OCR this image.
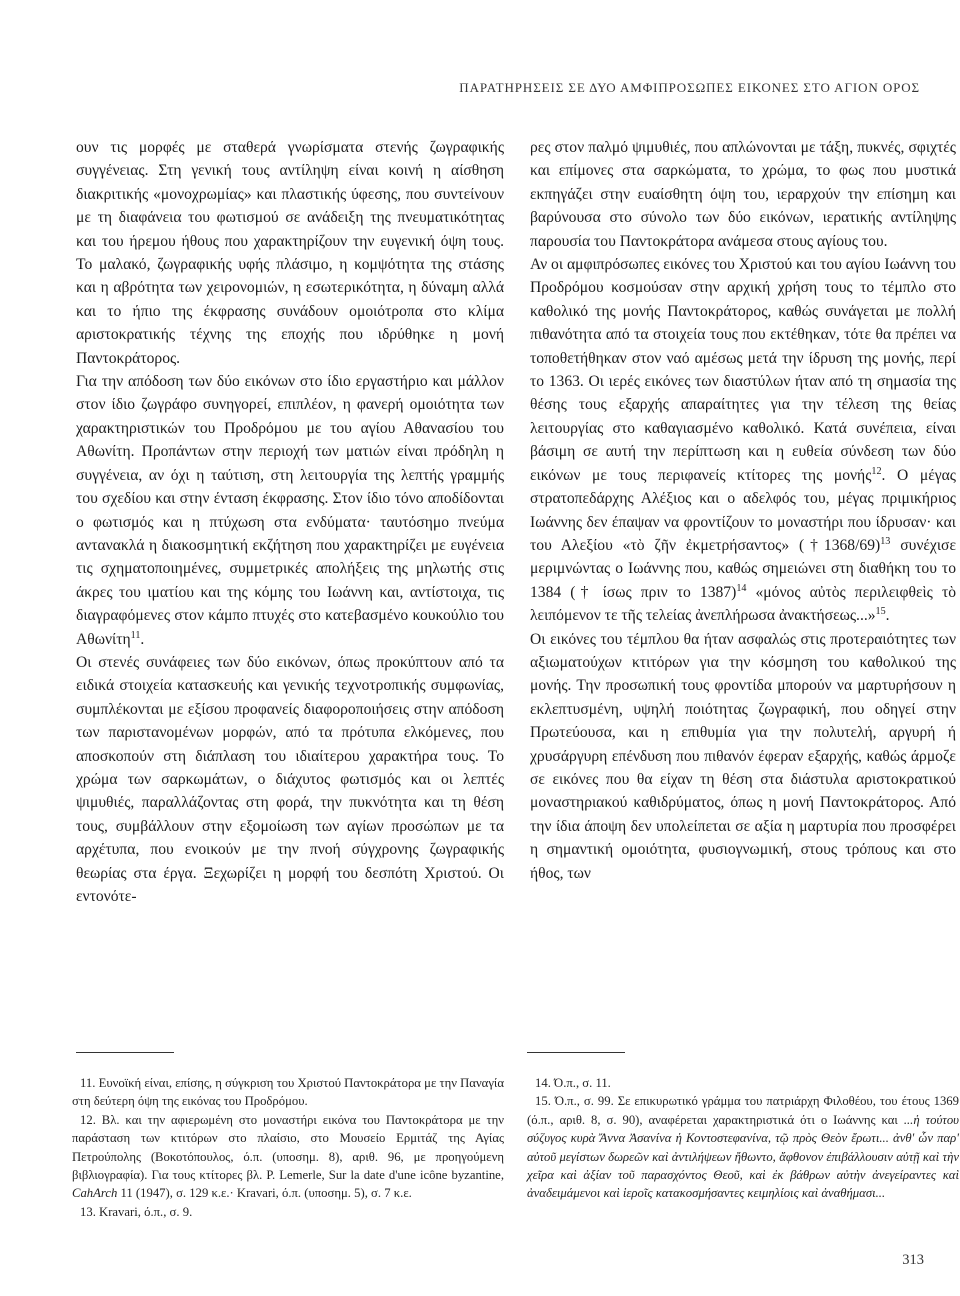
ΠΑΡΑΤΗΡΗΣΕΙΣ ΣΕ ΔΥΟ ΑΜΦΙΠΡΟΣΩΠΕΣ ΕΙΚΟΝΕΣ ΣΤΟ ΑΓΙΟΝ ΟΡΟΣ

ουν τις μορφές με σταθερά γνωρίσματα στενής ζωγραφικής συγγένειας. Στη γενική τους αντίληψη είναι κοινή η αίσθηση διακριτικής «μονοχρωμίας» και πλαστικής ύφεσης, που συντείνουν με τη διαφάνεια του φωτισμού σε ανάδειξη της πνευματικότητας και του ήρεμου ήθους που χαρακτηρίζουν την ευγενική όψη τους. Το μαλακό, ζωγραφικής υφής πλάσιμο, η κομψότητα της στάσης και η αβρότητα των χειρονομιών, η εσωτερικότητα, η δύναμη αλλά και το ήπιο της έκφρασης συνάδουν ομοιότροπα στο κλίμα αριστοκρατικής τέχνης της εποχής που ιδρύθηκε η μονή Παντοκράτορος.

Για την απόδοση των δύο εικόνων στο ίδιο εργαστήριο και μάλλον στον ίδιο ζωγράφο συνηγορεί, επιπλέον, η φανερή ομοιότητα των χαρακτηριστικών του Προδρόμου με του αγίου Αθανασίου του Αθωνίτη. Προπάντων στην περιοχή των ματιών είναι πρόδηλη η συγγένεια, αν όχι η ταύτιση, στη λειτουργία της λεπτής γραμμής του σχεδίου και στην ένταση έκφρασης. Στον ίδιο τόνο αποδίδονται ο φωτισμός και η πτύχωση στα ενδύματα· ταυτόσημο πνεύμα αντανακλά η διακοσμητική εκζήτηση που χαρακτηρίζει με ευγένεια τις σχηματοποιημένες, συμμετρικές απολήξεις της μηλωτής στις άκρες του ιματίου και της κόμης του Ιωάννη και, αντίστοιχα, τις διαγραφόμενες στον κάμπο πτυχές στο κατεβασμένο κουκούλιο του Αθωνίτη$^{11}$.

Οι στενές συνάφειες των δύο εικόνων, όπως προκύπτουν από τα ειδικά στοιχεία κατασκευής και γενικής τεχνοτροπικής συμφωνίας, συμπλέκονται με εξίσου προφανείς διαφοροποιήσεις στην απόδοση των παριστανομένων μορφών, από τα πρότυπα ελκόμενες, που αποσκοπούν στη διάπλαση του ιδιαίτερου χαρακτήρα τους. Το χρώμα των σαρκωμάτων, ο διάχυτος φωτισμός και οι λεπτές ψιμυθιές, παραλλάζοντας στη φορά, την πυκνότητα και τη θέση τους, συμβάλλουν στην εξομοίωση των αγίων προσώπων με τα αρχέτυπα, που ενοικούν με την πνοή σύγχρονης ζωγραφικής θεωρίας στα έργα. Ξεχωρίζει η μορφή του δεσπότη Χριστού. Οι εντονότε-

ρες στον παλμό ψιμυθιές, που απλώνονται με τάξη, πυκνές, σφιχτές και επίμονες στα σαρκώματα, το χρώμα, το φως που μυστικά εκπηγάζει στην ευαίσθητη όψη του, ιεραρχούν την επίσημη και βαρύνουσα στο σύνολο των δύο εικόνων, ιερατικής αντίληψης παρουσία του Παντοκράτορα ανάμεσα στους αγίους του.

Αν οι αμφιπρόσωπες εικόνες του Χριστού και του αγίου Ιωάννη του Προδρόμου κοσμούσαν στην αρχική χρήση τους το τέμπλο στο καθολικό της μονής Παντοκράτορος, καθώς συνάγεται με πολλή πιθανότητα από τα στοιχεία τους που εκτέθηκαν, τότε θα πρέπει να τοποθετήθηκαν στον ναό αμέσως μετά την ίδρυση της μονής, περί το 1363. Οι ιερές εικόνες των διαστύλων ήταν από τη σημασία της θέσης τους εξαρχής απαραίτητες για την τέλεση της θείας λειτουργίας στο καθαγιασμένο καθολικό. Κατά συνέπεια, είναι βάσιμη σε αυτή την περίπτωση και η ευθεία σύνδεση των δύο εικόνων με τους περιφανείς κτίτορες της μονής$^{12}$. Ο μέγας στρατοπεδάρχης Αλέξιος και ο αδελφός του, μέγας πριμικήριος Ιωάννης δεν έπαψαν να φροντίζουν το μοναστήρι που ίδρυσαν· και του Αλεξίου «τὸ ζῆν ἐκμετρήσαντος» (†1368/69)$^{13}$ συνέχισε μεριμνώντας ο Ιωάννης που, καθώς σημειώνει στη διαθήκη του το 1384 († ίσως πριν το 1387)$^{14}$ «μόνος αὐτὸς περιλειφθεὶς τὸ λειπόμενον τε τῆς τελείας ἀνεπλήρωσα ἀνακτήσεως...»$^{15}$.

Οι εικόνες του τέμπλου θα ήταν ασφαλώς στις προτεραιότητες των αξιωματούχων κτιτόρων για την κόσμηση του καθολικού της μονής. Την προσωπική τους φροντίδα μπορούν να μαρτυρήσουν η εκλεπτυσμένη, υψηλή ποιότητας ζωγραφική, που οδηγεί στην Πρωτεύουσα, και η επιθυμία για την πολυτελή, αργυρή ή χρυσάργυρη επένδυση που πιθανόν έφεραν εξαρχής, καθώς άρμοζε σε εικόνες που θα είχαν τη θέση στα διάστυλα αριστοκρατικού μοναστηριακού καθιδρύματος, όπως η μονή Παντοκράτορος. Από την ίδια άποψη δεν υπολείπεται σε αξία η μαρτυρία που προσφέρει η σημαντική ομοιότητα, φυσιογνωμική, στους τρόπους και στο ήθος, των

11. Ευνοϊκή είναι, επίσης, η σύγκριση του Χριστού Παντοκράτορα με την Παναγία στη δεύτερη όψη της εικόνας του Προδρόμου.

12. Βλ. και την αφιερωμένη στο μοναστήρι εικόνα του Παντοκράτορα με την παράσταση των κτιτόρων στο πλαίσιο, στο Μουσείο Ερμιτάζ της Αγίας Πετρούπολης (Βοκοτόπουλος, ό.π. (υποσημ. 8), αριθ. 96, με προηγούμενη βιβλιογραφία). Για τους κτίτορες βλ. P. Lemerle, Sur la date d'une icône byzantine, CahArch 11 (1947), σ. 129 κ.ε.· Kravari, ό.π. (υποσημ. 5), σ. 7 κ.ε.

13. Kravari, ό.π., σ. 9.

14. Ό.π., σ. 11.

15. Ό.π., σ. 99. Σε επικυρωτικό γράμμα του πατριάρχη Φιλοθέου, του έτους 1369 (ό.π., αριθ. 8, σ. 90), αναφέρεται χαρακτηριστικά ότι ο Ιωάννης και ...ἡ τούτου σύζυγος κυρὰ Ἄννα Ἀσανίνα ἡ Κοντοστεφανίνα, τῷ πρὸς Θεὸν ἔρωτι... ἀνθ' ὧν παρ' αὐτοῦ μεγίστων δωρεῶν καὶ ἀντιλήψεων ἤθωντο, ἄφθονον ἐπιβάλλουσιν αὐτῇ καὶ τὴν χεῖρα καὶ ἀξίαν τοῦ παρασχόντος Θεοῦ, καὶ ἐκ βάθρων αὐτὴν ἀνεγείραντες καὶ ἀναδειμάμενοι καὶ ἱεροῖς κατακοσμήσαντες κειμηλίοις καὶ ἀναθήμασι...

313
